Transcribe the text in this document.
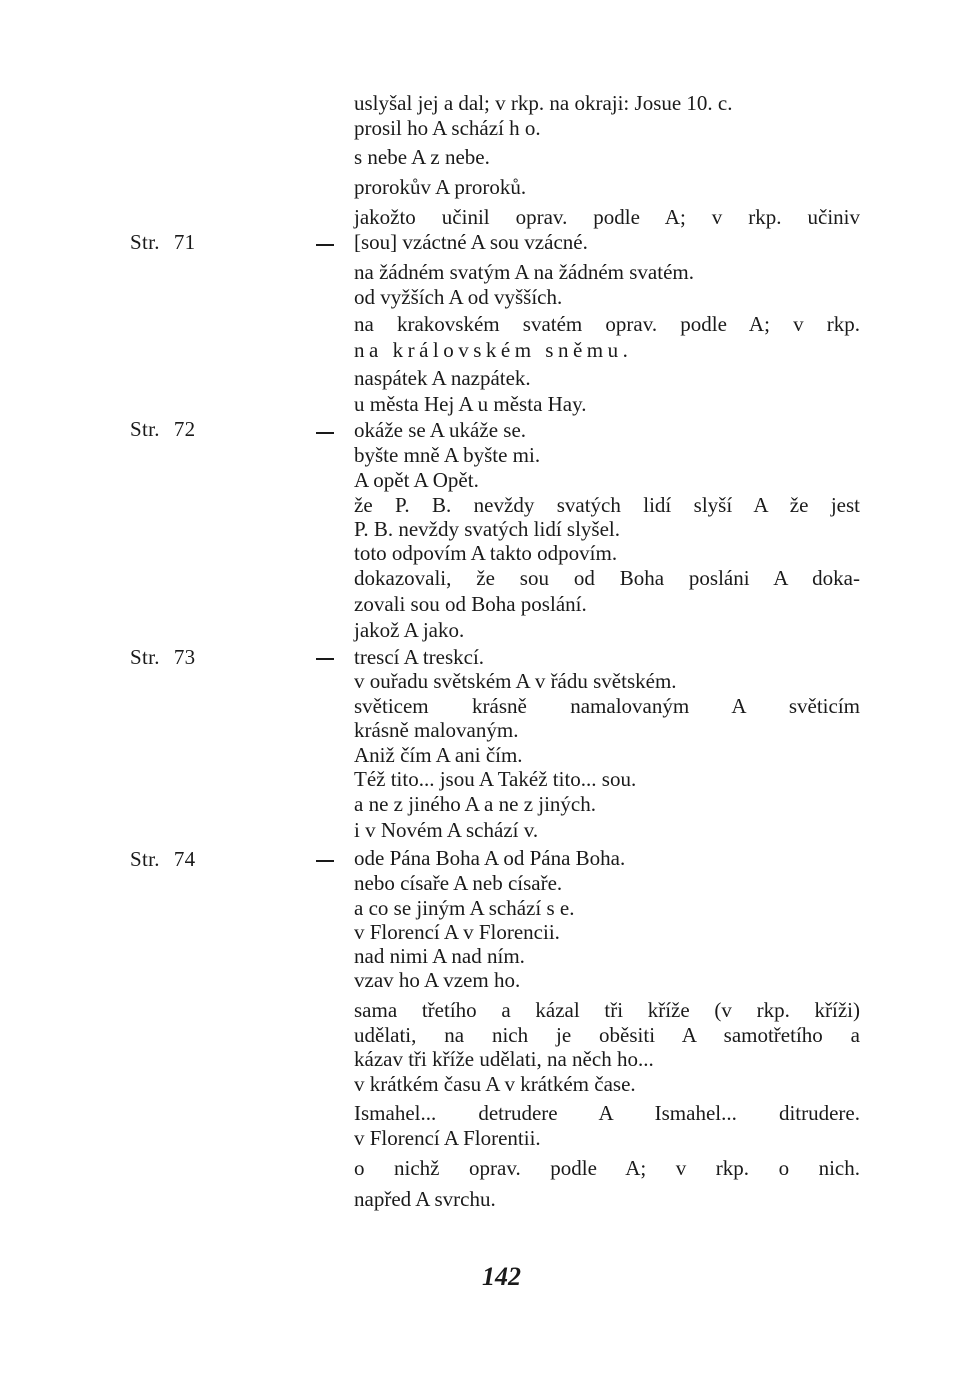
Str. 71
Str. 72
Str. 73
Str. 74
uslyšal jej a dal; v rkp. na okraji: Josue 10. c.
prosil ho A schází h o.
s nebe A z nebe.
prorokův A proroků.
jakožto učinil oprav. podle A; v rkp. učiniv
[sou] vzáctné A sou vzácné.
na žádném svatým A na žádném svatém.
od vyžších A od vyšších.
na krakovském svatém oprav. podle A; v rkp.
na královském sněmu.
naspátek A nazpátek.
u města Hej A u města Hay.
okáže se A ukáže se.
byšte mně A byšte mi.
A opět A Opět.
že P. B. nevždy svatých lidí slyší A že jest
P. B. nevždy svatých lidí slyšel.
toto odpovím A takto odpovím.
dokazovali, že sou od Boha posláni A doka-
zovali sou od Boha poslání.
jakož A jako.
trescí A treskcí.
v ouřadu světském A v řádu světském.
světicem krásně namalovaným A světicím
krásně malovaným.
Aniž čím A ani čím.
Též tito... jsou A Takéž tito... sou.
a ne z jiného A a ne z jiných.
i v Novém A schází v.
ode Pána Boha A od Pána Boha.
nebo císaře A neb císaře.
a co se jiným A schází s e.
v Florencí A v Florencii.
nad nimi A nad ním.
vzav ho A vzem ho.
sama třetího a kázal tři kříže (v rkp. kříži)
udělati, na nich je oběsiti A samotřetího a
kázav tři kříže udělati, na něch ho...
v krátkém času A v krátkém čase.
Ismahel... detrudere A Ismahel... ditrudere.
v Florencí A Florentii.
o nichž oprav. podle A; v rkp. o nich.
napřed A svrchu.
142
